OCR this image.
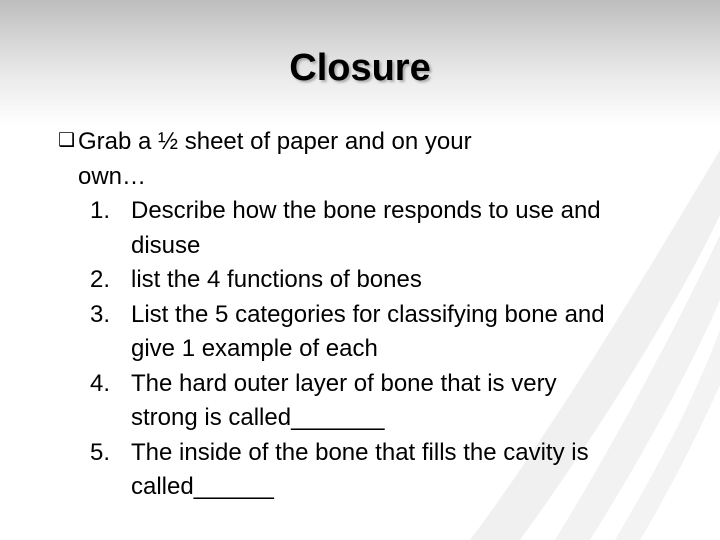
Closure
❑ Grab a ½ sheet of paper and on your
own…
1. Describe how the bone responds to use and disuse
2. list the 4 functions of bones
3. List the 5 categories for classifying bone and give 1 example of each
4. The hard outer layer of bone that is very strong is called_______
5. The inside of the bone that fills the cavity is called______
